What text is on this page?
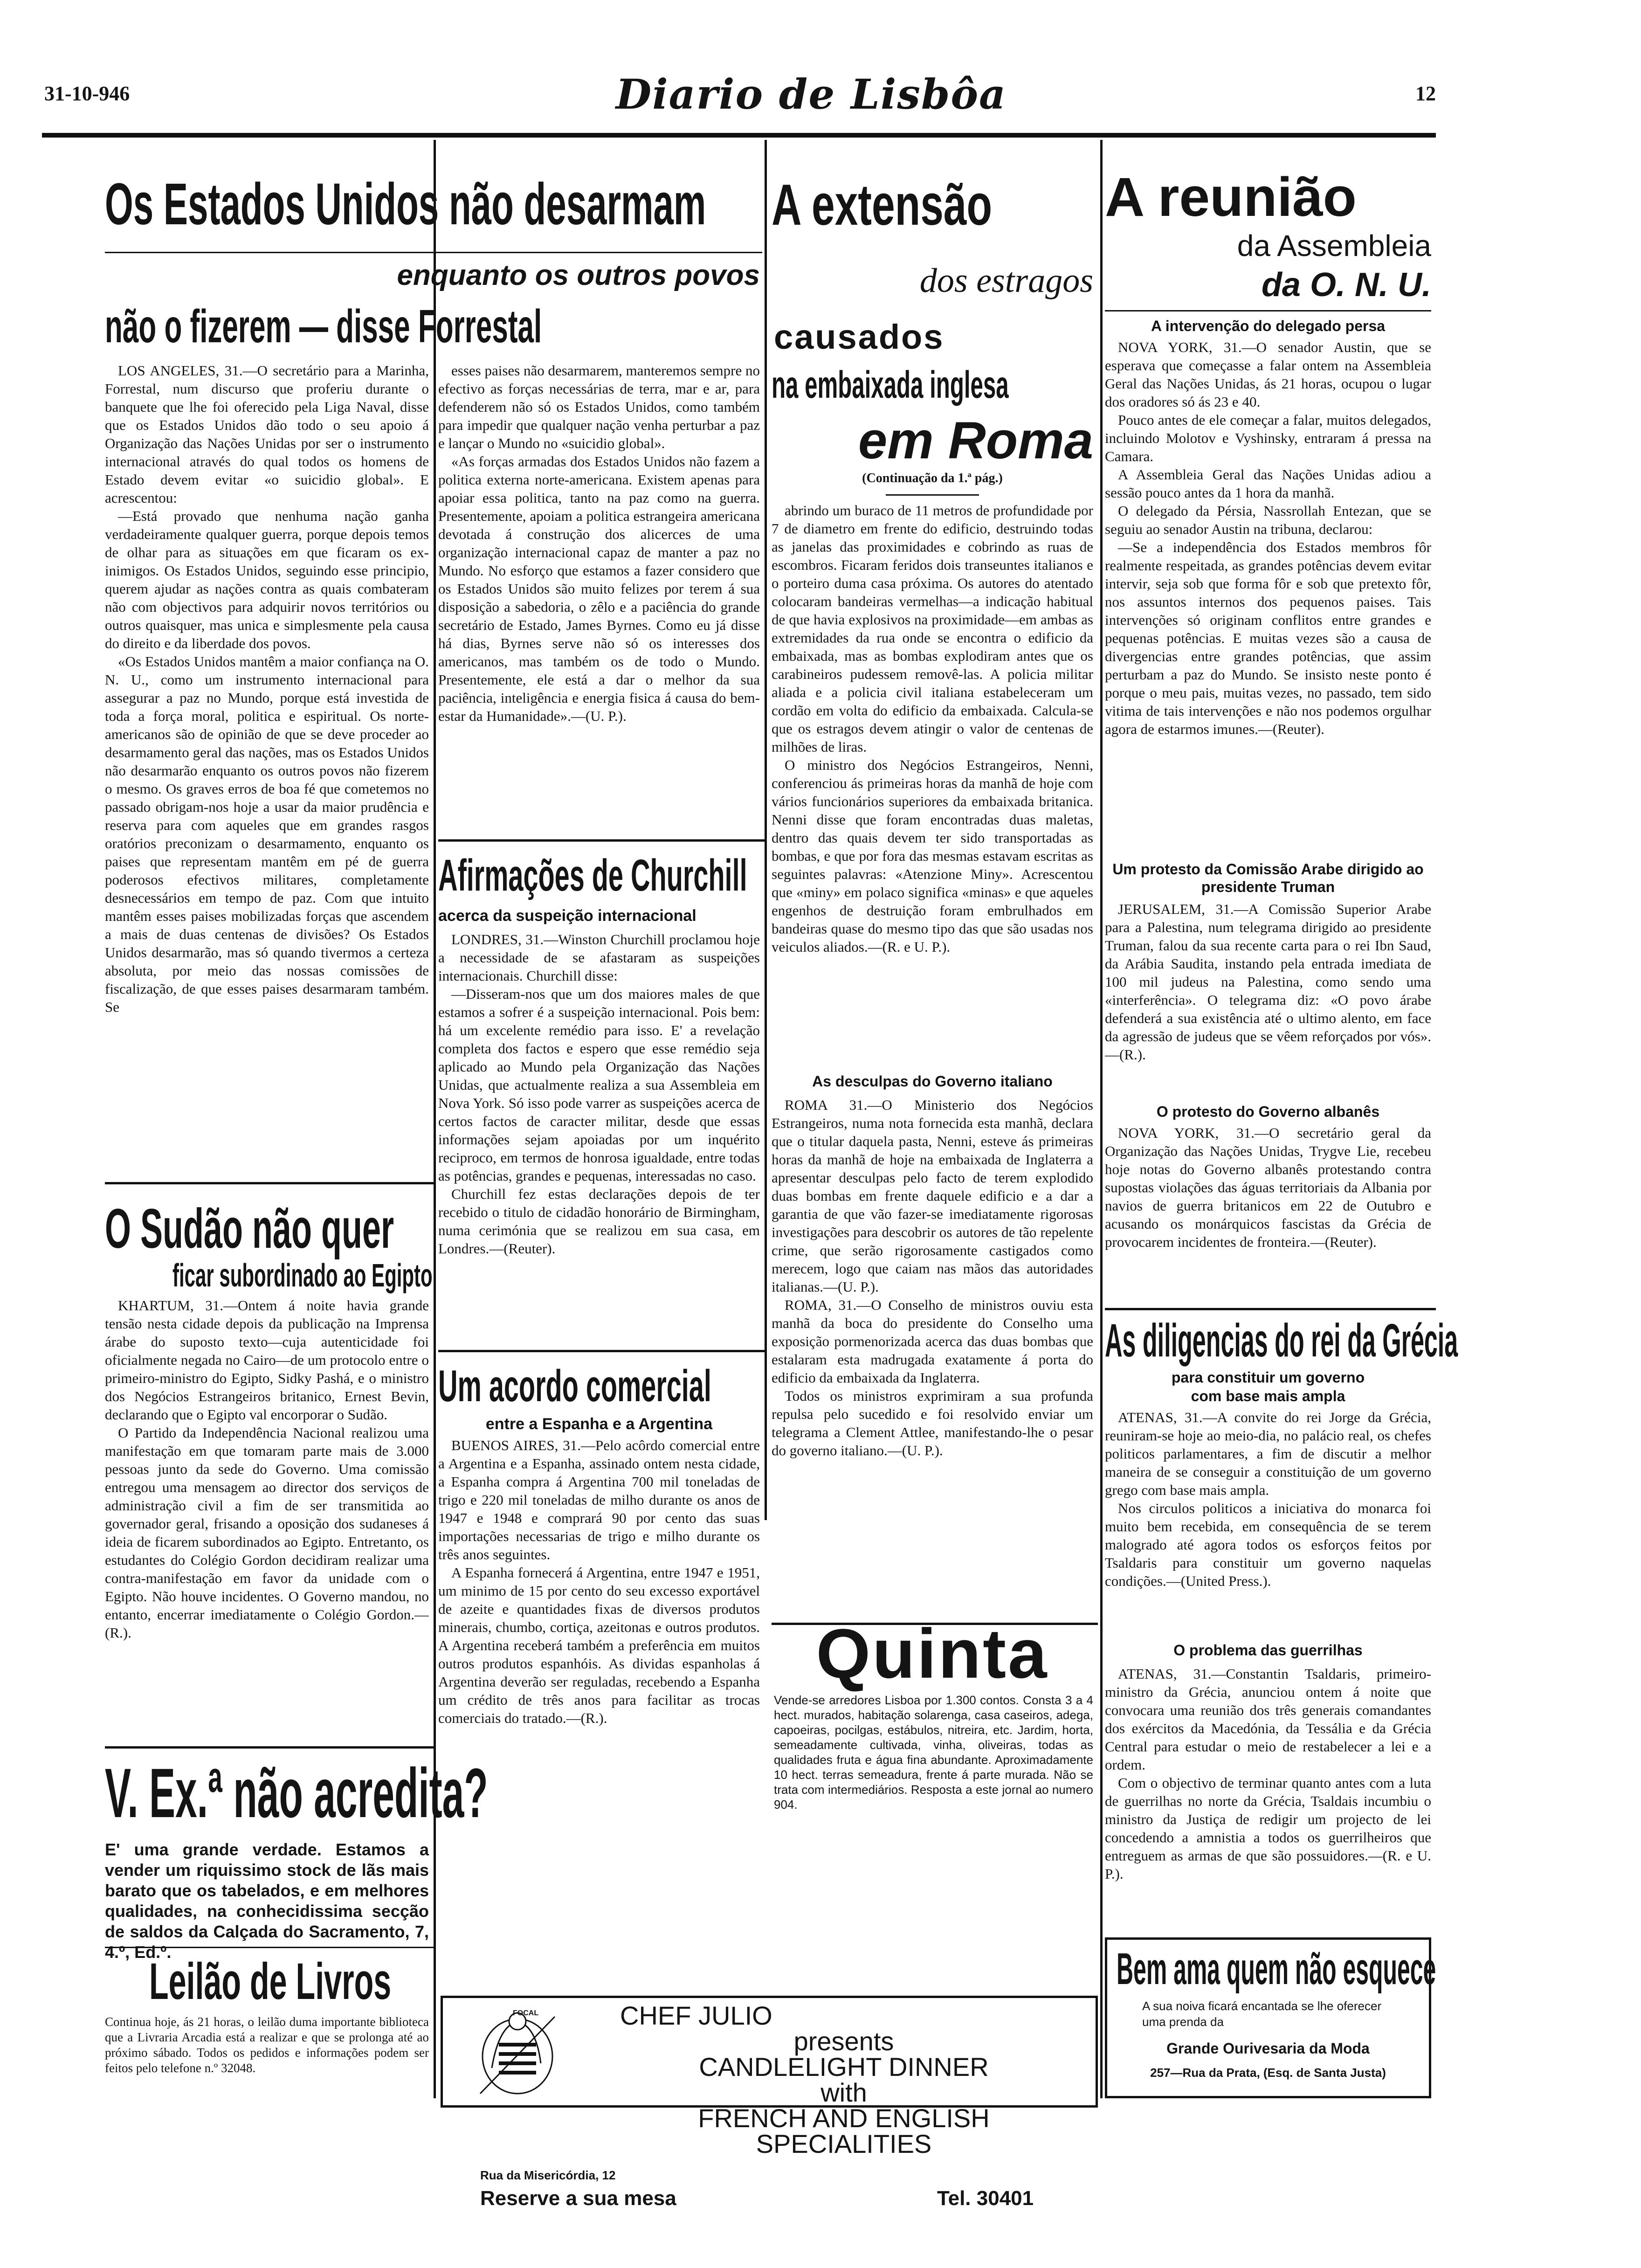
31-10-946	Diario de Lisbôa	12
Os Estados Unidos não desarmam
enquanto os outros povos
não o fizerem — disse Forrestal

LOS ANGELES, 31.—O secretário para a Marinha, Forrestal, num discurso que proferiu durante o banquete que lhe foi oferecido pela Liga Naval, disse que os Estados Unidos dão todo o seu apoio á Organização das Nações Unidas por ser o instrumento internacional através do qual todos os homens de Estado devem evitar «o suicidio global». E acrescentou:

—Está provado que nenhuma nação ganha verdadeiramente qualquer guerra, porque depois temos de olhar para as situações em que ficaram os ex-inimigos. Os Estados Unidos, seguindo esse principio, querem ajudar as nações contra as quais combateram não com objectivos para adquirir novos territórios ou outros quaisquer, mas unica e simplesmente pela causa do direito e da liberdade dos povos.

«Os Estados Unidos mantêm a maior confiança na O. N. U., como um instrumento internacional para assegurar a paz no Mundo, porque está investida de toda a força moral, politica e espiritual. Os norte-americanos são de opinião de que se deve proceder ao desarmamento geral das nações, mas os Estados Unidos não desarmarão enquanto os outros povos não fizerem o mesmo. Os graves erros de boa fé que cometemos no passado obrigam-nos hoje a usar da maior prudência e reserva para com aqueles que em grandes rasgos oratórios preconizam o desarmamento, enquanto os paises que representam mantêm em pé de guerra poderosos efectivos militares, completamente desnecessários em tempo de paz. Com que intuito mantêm esses paises mobilizadas forças que ascendem a mais de duas centenas de divisões? Os Estados Unidos desarmarão, mas só quando tivermos a certeza absoluta, por meio das nossas comissões de fiscalização, de que esses paises desarmaram também. Se

esses paises não desarmarem, manteremos sempre no efectivo as forças necessárias de terra, mar e ar, para defenderem não só os Estados Unidos, como também para impedir que qualquer nação venha perturbar a paz e lançar o Mundo no «suicidio global».

«As forças armadas dos Estados Unidos não fazem a politica externa norte-americana. Existem apenas para apoiar essa politica, tanto na paz como na guerra. Presentemente, apoiam a politica estrangeira americana devotada á construção dos alicerces de uma organização internacional capaz de manter a paz no Mundo. No esforço que estamos a fazer considero que os Estados Unidos são muito felizes por terem á sua disposição a sabedoria, o zêlo e a paciência do grande secretário de Estado, James Byrnes. Como eu já disse há dias, Byrnes serve não só os interesses dos americanos, mas também os de todo o Mundo. Presentemente, ele está a dar o melhor da sua paciência, inteligência e energia fisica á causa do bem-estar da Humanidade».—(U. P.).

A extensão
dos estragos
causados
na embaixada inglesa
em Roma
(Continuação da 1.ª pág.)

abrindo um buraco de 11 metros de profundidade por 7 de diametro em frente do edificio, destruindo todas as janelas das proximidades e cobrindo as ruas de escombros. Ficaram feridos dois transeuntes italianos e o porteiro duma casa próxima. Os autores do atentado colocaram bandeiras vermelhas—a indicação habitual de que havia explosivos na proximidade—em ambas as extremidades da rua onde se encontra o edificio da embaixada, mas as bombas explodiram antes que os carabineiros pudessem removê-las. A policia militar aliada e a policia civil italiana estabeleceram um cordão em volta do edificio da embaixada. Calcula-se que os estragos devem atingir o valor de centenas de milhões de liras.

O ministro dos Negócios Estrangeiros, Nenni, conferenciou ás primeiras horas da manhã de hoje com vários funcionários superiores da embaixada britanica. Nenni disse que foram encontradas duas maletas, dentro das quais devem ter sido transportadas as bombas, e que por fora das mesmas estavam escritas as seguintes palavras: «Atenzione Miny». Acrescentou que «miny» em polaco significa «minas» e que aqueles engenhos de destruição foram embrulhados em bandeiras quase do mesmo tipo das que são usadas nos veiculos aliados.—(R. e U. P.).

As desculpas do Governo italiano

ROMA 31.—O Ministerio dos Negócios Estrangeiros, numa nota fornecida esta manhã, declara que o titular daquela pasta, Nenni, esteve ás primeiras horas da manhã de hoje na embaixada de Inglaterra a apresentar desculpas pelo facto de terem explodido duas bombas em frente daquele edificio e a dar a garantia de que vão fazer-se imediatamente rigorosas investigações para descobrir os autores de tão repelente crime, que serão rigorosamente castigados como merecem, logo que caiam nas mãos das autoridades italianas.—(U. P.).

ROMA, 31.—O Conselho de ministros ouviu esta manhã da boca do presidente do Conselho uma exposição pormenorizada acerca das duas bombas que estalaram esta madrugada exatamente á porta do edificio da embaixada da Inglaterra.

Todos os ministros exprimiram a sua profunda repulsa pelo sucedido e foi resolvido enviar um telegrama a Clement Attlee, manifestando-lhe o pesar do governo italiano.—(U. P.).

A reunião
da Assembleia
da O. N. U.
A intervenção do delegado persa

NOVA YORK, 31.—O senador Austin, que se esperava que começasse a falar ontem na Assembleia Geral das Nações Unidas, ás 21 horas, ocupou o lugar dos oradores só ás 23 e 40.

Pouco antes de ele começar a falar, muitos delegados, incluindo Molotov e Vyshinsky, entraram á pressa na Camara.

A Assembleia Geral das Nações Unidas adiou a sessão pouco antes da 1 hora da manhã.

O delegado da Pérsia, Nassrollah Entezan, que se seguiu ao senador Austin na tribuna, declarou:

—Se a independência dos Estados membros fôr realmente respeitada, as grandes potências devem evitar intervir, seja sob que forma fôr e sob que pretexto fôr, nos assuntos internos dos pequenos paises. Tais intervenções só originam conflitos entre grandes e pequenas potências. E muitas vezes são a causa de divergencias entre grandes potências, que assim perturbam a paz do Mundo. Se insisto neste ponto é porque o meu pais, muitas vezes, no passado, tem sido vitima de tais intervenções e não nos podemos orgulhar agora de estarmos imunes.—(Reuter).

Um protesto da Comissão Arabe dirigido ao presidente Truman

JERUSALEM, 31.—A Comissão Superior Arabe para a Palestina, num telegrama dirigido ao presidente Truman, falou da sua recente carta para o rei Ibn Saud, da Arábia Saudita, instando pela entrada imediata de 100 mil judeus na Palestina, como sendo uma «interferência». O telegrama diz: «O povo árabe defenderá a sua existência até o ultimo alento, em face da agressão de judeus que se vêem reforçados por vós».—(R.).

O protesto do Governo albanês

NOVA YORK, 31.—O secretário geral da Organização das Nações Unidas, Trygve Lie, recebeu hoje notas do Governo albanês protestando contra supostas violações das águas territoriais da Albania por navios de guerra britanicos em 22 de Outubro e acusando os monárquicos fascistas da Grécia de provocarem incidentes de fronteira.—(Reuter).

Afirmações de Churchill
acerca da suspeição internacional

LONDRES, 31.—Winston Churchill proclamou hoje a necessidade de se afastaram as suspeições internacionais. Churchill disse:

—Disseram-nos que um dos maiores males de que estamos a sofrer é a suspeição internacional. Pois bem: há um excelente remédio para isso. E' a revelação completa dos factos e espero que esse remédio seja aplicado ao Mundo pela Organização das Nações Unidas, que actualmente realiza a sua Assembleia em Nova York. Só isso pode varrer as suspeições acerca de certos factos de caracter militar, desde que essas informações sejam apoiadas por um inquérito reciproco, em termos de honrosa igualdade, entre todas as potências, grandes e pequenas, interessadas no caso.

Churchill fez estas declarações depois de ter recebido o titulo de cidadão honorário de Birmingham, numa cerimónia que se realizou em sua casa, em Londres.—(Reuter).

Um acordo comercial
entre a Espanha e a Argentina

BUENOS AIRES, 31.—Pelo acôrdo comercial entre a Argentina e a Espanha, assinado ontem nesta cidade, a Espanha compra á Argentina 700 mil toneladas de trigo e 220 mil toneladas de milho durante os anos de 1947 e 1948 e comprará 90 por cento das suas importações necessarias de trigo e milho durante os três anos seguintes.

A Espanha fornecerá á Argentina, entre 1947 e 1951, um minimo de 15 por cento do seu excesso exportável de azeite e quantidades fixas de diversos produtos minerais, chumbo, cortiça, azeitonas e outros produtos. A Argentina receberá também a preferência em muitos outros produtos espanhóis. As dividas espanholas á Argentina deverão ser reguladas, recebendo a Espanha um crédito de três anos para facilitar as trocas comerciais do tratado.—(R.).

O Sudão não quer
ficar subordinado ao Egipto

KHARTUM, 31.—Ontem á noite havia grande tensão nesta cidade depois da publicação na Imprensa árabe do suposto texto—cuja autenticidade foi oficialmente negada no Cairo—de um protocolo entre o primeiro-ministro do Egipto, Sidky Pashá, e o ministro dos Negócios Estrangeiros britanico, Ernest Bevin, declarando que o Egipto val encorporar o Sudão.

O Partido da Independência Nacional realizou uma manifestação em que tomaram parte mais de 3.000 pessoas junto da sede do Governo. Uma comissão entregou uma mensagem ao director dos serviços de administração civil a fim de ser transmitida ao governador geral, frisando a oposição dos sudaneses á ideia de ficarem subordinados ao Egipto. Entretanto, os estudantes do Colégio Gordon decidiram realizar uma contra-manifestação em favor da unidade com o Egipto. Não houve incidentes. O Governo mandou, no entanto, encerrar imediatamente o Colégio Gordon.—(R.).

V. Ex.ª não acredita?
E' uma grande verdade. Estamos a vender um riquissimo stock de lãs mais barato que os tabelados, e em melhores qualidades, na conhecidissima secção de saldos da Calçada do Sacramento, 7, 4.º, Ed.º.
Leilão de Livros
Continua hoje, ás 21 horas, o leilão duma importante biblioteca que a Livraria Arcadia está a realizar e que se prolonga até ao próximo sábado. Todos os pedidos e informações podem ser feitos pelo telefone n.º 32048.
Quinta
Vende-se arredores Lisboa por 1.300 contos. Consta 3 a 4 hect. murados, habitação solarenga, casa caseiros, adega, capoeiras, pocilgas, estábulos, nitreira, etc. Jardim, horta, semeadamente cultivada, vinha, oliveiras, todas as qualidades fruta e água fina abundante. Aproximadamente 10 hect. terras semeadura, frente á parte murada. Não se trata com intermediários. Resposta a este jornal ao numero 904.
FOCAL	CHEF JULIO
presents
CANDLELIGHT DINNER
with
FRENCH AND ENGLISH
SPECIALITIES
Rua da Misericórdia, 12
Reserve a sua mesa	Tel. 30401
As diligencias do rei da Grécia
para constituir um governo
com base mais ampla

ATENAS, 31.—A convite do rei Jorge da Grécia, reuniram-se hoje ao meio-dia, no palácio real, os chefes politicos parlamentares, a fim de discutir a melhor maneira de se conseguir a constituição de um governo grego com base mais ampla.

Nos circulos politicos a iniciativa do monarca foi muito bem recebida, em consequência de se terem malogrado até agora todos os esforços feitos por Tsaldaris para constituir um governo naquelas condições.—(United Press.).

O problema das guerrilhas

ATENAS, 31.—Constantin Tsaldaris, primeiro-ministro da Grécia, anunciou ontem á noite que convocara uma reunião dos três generais comandantes dos exércitos da Macedónia, da Tessália e da Grécia Central para estudar o meio de restabelecer a lei e a ordem.

Com o objectivo de terminar quanto antes com a luta de guerrilhas no norte da Grécia, Tsaldais incumbiu o ministro da Justiça de redigir um projecto de lei concedendo a amnistia a todos os guerrilheiros que entreguem as armas de que são possuidores.—(R. e U. P.).

Bem ama quem não esquece
A sua noiva ficará encantada se lhe oferecer uma prenda da
Grande Ourivesaria da Moda
257—Rua da Prata, (Esq. de Santa Justa)
